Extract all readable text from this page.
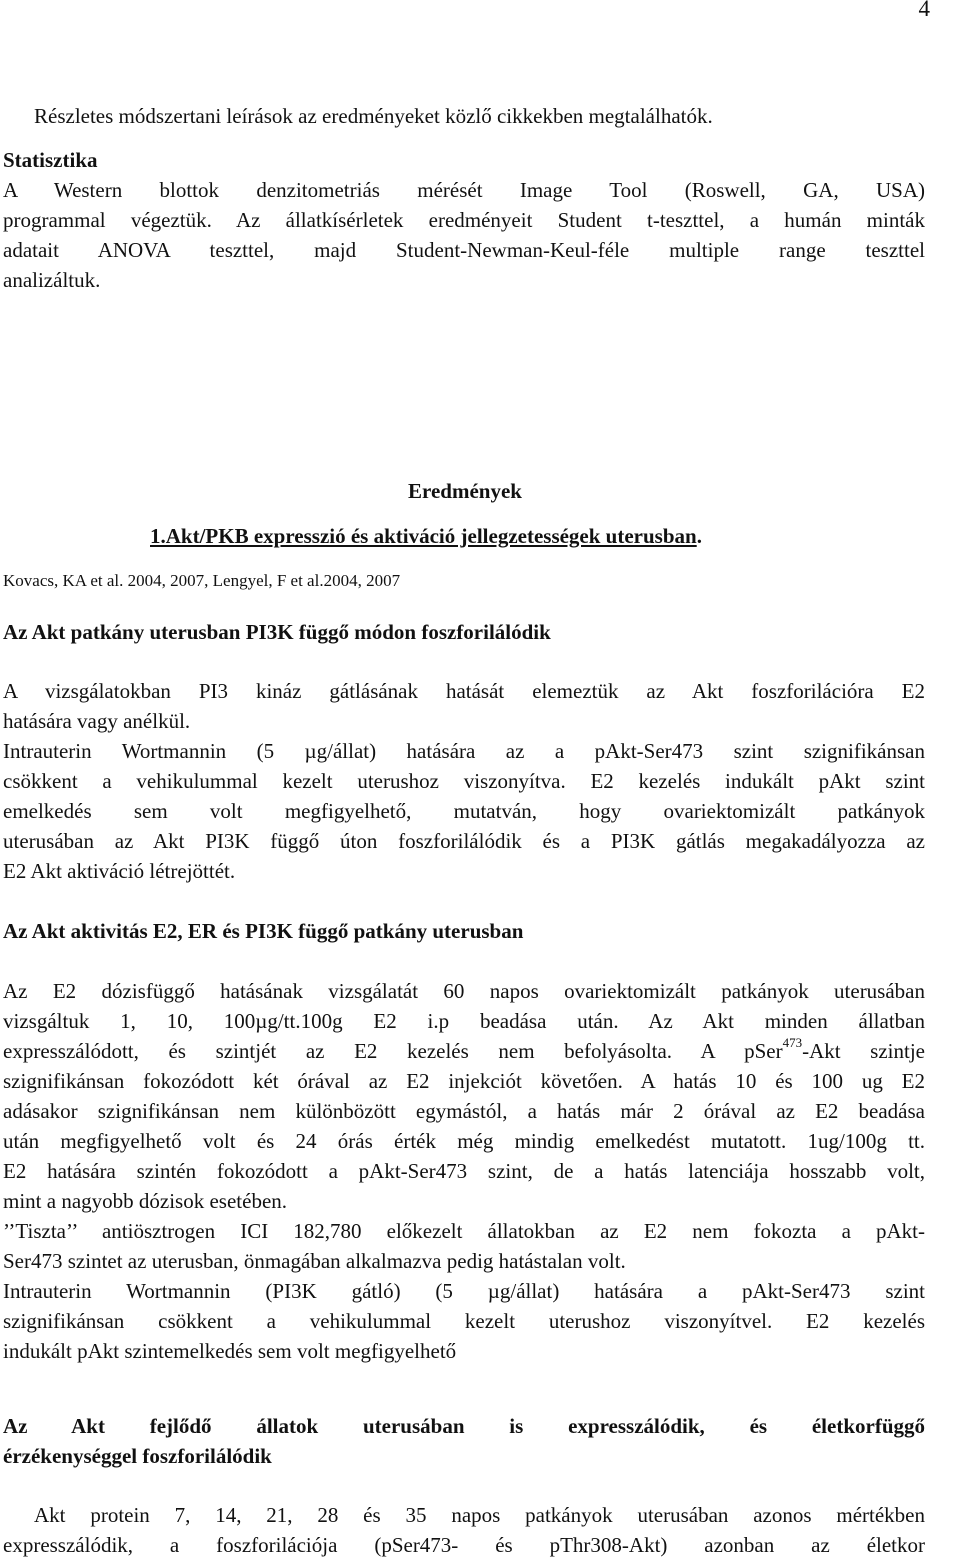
4
Részletes módszertani leírások az eredményeket közlő cikkekben megtalálhatók.
Statisztika
A Western blottok denzitometriás mérését Image Tool (Roswell, GA, USA)
programmal végeztük. Az állatkísérletek eredményeit Student t-teszttel, a humán minták
adatait ANOVA teszttel, majd Student-Newman-Keul-féle multiple range teszttel
analizáltuk.
Eredmények
1.Akt/PKB expresszió és aktiváció jellegzetességek uterusban.
Kovacs, KA et al. 2004, 2007, Lengyel, F et al.2004, 2007
Az Akt patkány uterusban PI3K függő módon foszforilálódik
A vizsgálatokban PI3 kináz gátlásának hatását elemeztük az Akt foszforilációra E2
hatására vagy anélkül.
Intrauterin Wortmannin (5 µg/állat) hatására az a pAkt-Ser473 szint szignifikánsan
csökkent a vehikulummal kezelt uterushoz viszonyítva. E2 kezelés indukált pAkt szint
emelkedés sem volt megfigyelhető, mutatván, hogy ovariektomizált patkányok
uterusában az Akt PI3K függő úton foszforilálódik és a PI3K gátlás megakadályozza az
E2 Akt aktiváció létrejöttét.
Az Akt aktivitás E2, ER és PI3K függő patkány uterusban
Az E2 dózisfüggő hatásának vizsgálatát 60 napos ovariektomizált patkányok uterusában
vizsgáltuk 1, 10, 100µg/tt.100g E2 i.p beadása után. Az Akt minden állatban
expresszálódott, és szintjét az E2 kezelés nem befolyásolta. A pSer$^{473}$-Akt szintje
szignifikánsan fokozódott két órával az E2 injekciót követően. A hatás 10 és 100 ug E2
adásakor szignifikánsan nem különbözött egymástól, a hatás már 2 órával az E2 beadása
után megfigyelhető volt és 24 órás érték még mindig emelkedést mutatott. 1ug/100g tt.
E2 hatására szintén fokozódott a pAkt-Ser473 szint, de a hatás latenciája hosszabb volt,
mint a nagyobb dózisok esetében.
’’Tiszta’’ antiösztrogen ICI 182,780 előkezelt állatokban az E2 nem fokozta a pAkt-
Ser473 szintet az uterusban, önmagában alkalmazva pedig hatástalan volt.
Intrauterin Wortmannin (PI3K gátló) (5 µg/állat) hatására a pAkt-Ser473 szint
szignifikánsan csökkent a vehikulummal kezelt uterushoz viszonyítvel. E2 kezelés
indukált pAkt szintemelkedés sem volt megfigyelhető
Az Akt fejlődő állatok uterusában is expresszálódik, és életkorfüggő
érzékenységgel foszforilálódik
Akt protein 7, 14, 21, 28 és 35 napos patkányok uterusában azonos mértékben
expresszálódik, a foszforilációja (pSer473- és pThr308-Akt) azonban az életkor
